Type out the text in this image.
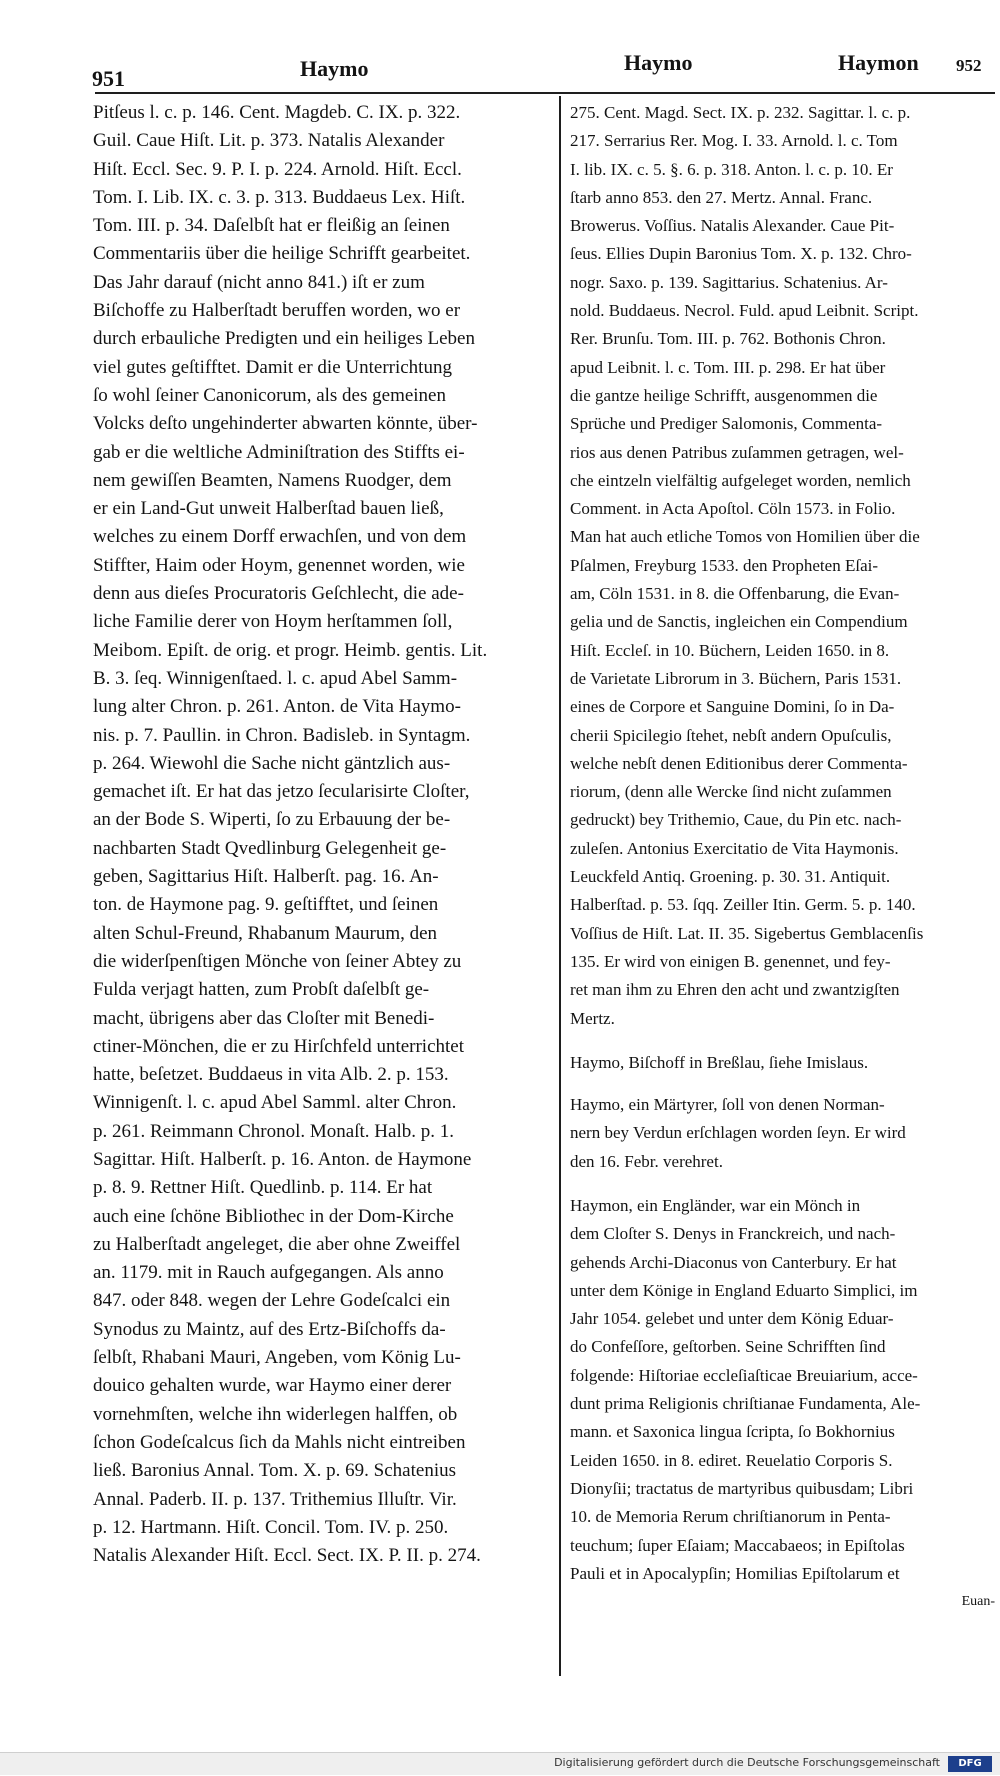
951	Haymo	Haymo	Haymon 952
Pitſeus l. c. p. 146. Cent. Magdeb. C. IX. p. 322.
Guil. Caue Hiſt. Lit. p. 373. Natalis Alexander
Hiſt. Eccl. Sec. 9. P. I. p. 224. Arnold. Hiſt. Eccl.
Tom. I. Lib. IX. c. 3. p. 313. Buddaeus Lex. Hiſt.
Tom. III. p. 34. Daſelbſt hat er fleißig an ſeinen
Commentariis über die heilige Schrifft gearbeitet.
Das Jahr darauf (nicht anno 841.) iſt er zum
Biſchoffe zu Halberſtadt beruffen worden, wo er
durch erbauliche Predigten und ein heiliges Leben
viel gutes geſtifftet. Damit er die Unterrichtung
ſo wohl ſeiner Canonicorum, als des gemeinen
Volcks deſto ungehinderter abwarten könnte, über-
gab er die weltliche Adminiſtration des Stiffts ei-
nem gewiſſen Beamten, Namens Ruodger, dem
er ein Land-Gut unweit Halberſtad bauen ließ,
welches zu einem Dorff erwachſen, und von dem
Stiffter, Haim oder Hoym, genennet worden, wie
denn aus dieſes Procuratoris Geſchlecht, die ade-
liche Familie derer von Hoym herſtammen ſoll,
Meibom. Epiſt. de orig. et progr. Heimb. gentis. Lit.
B. 3. ſeq. Winnigenſtaed. l. c. apud Abel Samm-
lung alter Chron. p. 261. Anton. de Vita Haymo-
nis. p. 7. Paullin. in Chron. Badisleb. in Syntagm.
p. 264. Wiewohl die Sache nicht gäntzlich aus-
gemachet iſt. Er hat das jetzo ſecularisirte Cloſter,
an der Bode S. Wiperti, ſo zu Erbauung der be-
nachbarten Stadt Qvedlinburg Gelegenheit ge-
geben, Sagittarius Hiſt. Halberſt. pag. 16. An-
ton. de Haymone pag. 9. geſtifftet, und ſeinen
alten Schul-Freund, Rhabanum Maurum, den
die widerſpenſtigen Mönche von ſeiner Abtey zu
Fulda verjagt hatten, zum Probſt daſelbſt ge-
macht, übrigens aber das Cloſter mit Benedi-
ctiner-Mönchen, die er zu Hirſchfeld unterrichtet
hatte, beſetzet. Buddaeus in vita Alb. 2. p. 153.
Winnigenſt. l. c. apud Abel Samml. alter Chron.
p. 261. Reimmann Chronol. Monaſt. Halb. p. 1.
Sagittar. Hiſt. Halberſt. p. 16. Anton. de Haymone
p. 8. 9. Rettner Hiſt. Quedlinb. p. 114. Er hat
auch eine ſchöne Bibliothec in der Dom-Kirche
zu Halberſtadt angeleget, die aber ohne Zweiffel
an. 1179. mit in Rauch aufgegangen. Als anno
847. oder 848. wegen der Lehre Godeſcalci ein
Synodus zu Maintz, auf des Ertz-Biſchoffs da-
ſelbſt, Rhabani Mauri, Angeben, vom König Lu-
douico gehalten wurde, war Haymo einer derer
vornehmſten, welche ihn widerlegen halffen, ob
ſchon Godeſcalcus ſich da Mahls nicht eintreiben
ließ. Baronius Annal. Tom. X. p. 69. Schatenius
Annal. Paderb. II. p. 137. Trithemius Illuſtr. Vir.
p. 12. Hartmann. Hiſt. Concil. Tom. IV. p. 250.
Natalis Alexander Hiſt. Eccl. Sect. IX. P. II. p. 274.
275. Cent. Magd. Sect. IX. p. 232. Sagittar. l. c. p.
217. Serrarius Rer. Mog. I. 33. Arnold. l. c. Tom
I. lib. IX. c. 5. §. 6. p. 318. Anton. l. c. p. 10. Er
ſtarb anno 853. den 27. Mertz. Annal. Franc.
Browerus. Voſſius. Natalis Alexander. Caue Pit-
ſeus. Ellies Dupin Baronius Tom. X. p. 132. Chro-
nogr. Saxo. p. 139. Sagittarius. Schatenius. Ar-
nold. Buddaeus. Necrol. Fuld. apud Leibnit. Script.
Rer. Brunſu. Tom. III. p. 762. Bothonis Chron.
apud Leibnit. l. c. Tom. III. p. 298. Er hat über
die gantze heilige Schrifft, ausgenommen die
Sprüche und Prediger Salomonis, Commenta-
rios aus denen Patribus zuſammen getragen, wel-
che eintzeln vielfältig aufgeleget worden, nemlich
Comment. in Acta Apoſtol. Cöln 1573. in Folio.
Man hat auch etliche Tomos von Homilien über die
Pſalmen, Freyburg 1533. den Propheten Eſai-
am, Cöln 1531. in 8. die Offenbarung, die Evan-
gelia und de Sanctis, ingleichen ein Compendium
Hiſt. Eccleſ. in 10. Büchern, Leiden 1650. in 8.
de Varietate Librorum in 3. Büchern, Paris 1531.
eines de Corpore et Sanguine Domini, ſo in Da-
cherii Spicilegio ſtehet, nebſt andern Opuſculis,
welche nebſt denen Editionibus derer Commenta-
riorum, (denn alle Wercke ſind nicht zuſammen
gedruckt) bey Trithemio, Caue, du Pin etc. nach-
zuleſen. Antonius Exercitatio de Vita Haymonis.
Leuckfeld Antiq. Groening. p. 30. 31. Antiquit.
Halberſtad. p. 53. ſqq. Zeiller Itin. Germ. 5. p. 140.
Voſſius de Hiſt. Lat. II. 35. Sigebertus Gemblacenſis
135. Er wird von einigen B. genennet, und fey-
ret man ihm zu Ehren den acht und zwantzigſten
Mertz.
Haymo, Biſchoff in Breßlau, ſiehe Imislaus.
Haymo, ein Märtyrer, ſoll von denen Norman-
nern bey Verdun erſchlagen worden ſeyn. Er wird
den 16. Febr. verehret.
Haymon, ein Engländer, war ein Mönch in
dem Cloſter S. Denys in Franckreich, und nach-
gehends Archi-Diaconus von Canterbury. Er hat
unter dem Könige in England Eduarto Simplici, im
Jahr 1054. gelebet und unter dem König Eduar-
do Confeſſore, geſtorben. Seine Schrifften ſind
folgende: Hiſtoriae eccleſiaſticae Breuiarium, acce-
dunt prima Religionis chriſtianae Fundamenta, Ale-
mann. et Saxonica lingua ſcripta, ſo Bokhornius
Leiden 1650. in 8. ediret. Reuelatio Corporis S.
Dionyſii; tractatus de martyribus quibusdam; Libri
10. de Memoria Rerum chriſtianorum in Penta-
teuchum; ſuper Eſaiam; Maccabaeos; in Epiſtolas
Pauli et in Apocalypſin; Homilias Epiſtolarum et
Euan-
Digitalisierung gefördert durch die Deutsche Forschungsgemeinschaft	DFG
